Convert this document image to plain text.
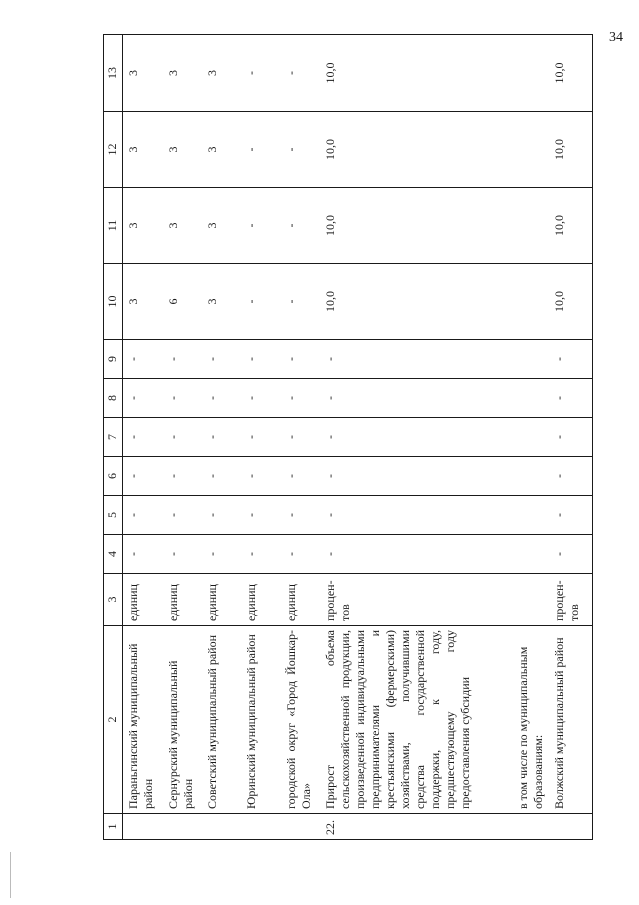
34
1	2	3	4	5	6	7	8	9	10	11	12	13
	Параньгинский муниципальный район	единиц	-	-	-	-	-	-	3	3	3	3
	Сернурский муниципальный район	единиц	-	-	-	-	-	-	6	3	3	3
	Советский муниципальный район	единиц	-	-	-	-	-	-	3	3	3	3
	Юринский муниципальный район	единиц	-	-	-	-	-	-	-	-	-	-
	городской округ «Город Йошкар-Ола»	единиц	-	-	-	-	-	-	-	-	-	-
22.	Прирост объема сельскохозяйственной продукции, произведенной индивидуальными предпринимателями и крестьянскими (фермерскими) хозяйствами, получившими средства государственной поддержки, к году, предшествующему году предоставления субсидии	процен-тов	-	-	-	-	-	-	10,0	10,0	10,0	10,0
	в том числе по муниципальным образованиям:											
	Волжский муниципальный район	процен-тов	-	-	-	-	-	-	10,0	10,0	10,0	10,0
